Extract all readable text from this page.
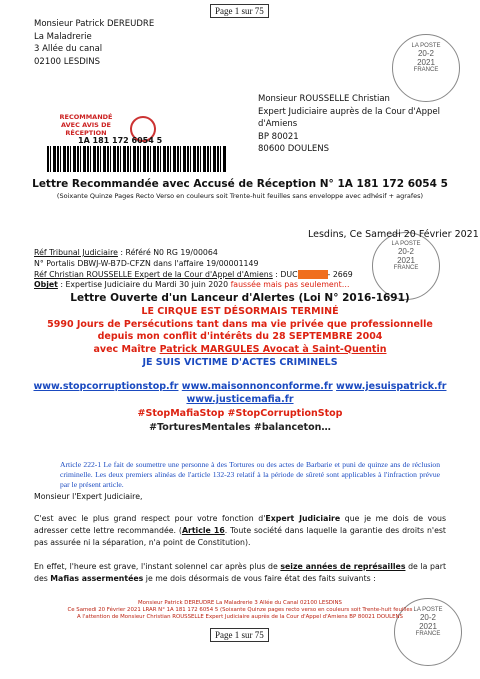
Page 1 sur 75
Monsieur Patrick DEREUDRE
La Maladrerie
3 Allée du canal
02100 LESDINS
LA POSTE
20-2
2021
FRANCE
LA POSTE
20-2
2021
FRANCE
LA POSTE
20-2
2021
FRANCE
Monsieur ROUSSELLE Christian
Expert Judiciaire auprès de la Cour d'Appel
d'Amiens
BP 80021
80600 DOULENS
RECOMMANDÉ
AVEC AVIS DE RÉCEPTION
1A 181 172 6054 5
Lettre Recommandée avec Accusé de Réception N° 1A 181 172 6054 5
(Soixante Quinze Pages Recto Verso en couleurs soit Trente-huit feuilles sans enveloppe avec adhésif + agrafes)
Lesdins, Ce Samedi 20 Février 2021
Réf Tribunal Judiciaire : Référé N0 RG 19/00064
N° Portalis DBWJ-W-B7D-CFZN dans l'affaire 19/00001149
Réf Christian ROUSSELLE Expert de la Cour d'Appel d'Amiens : DUC	- 2669
Objet : Expertise Judiciaire du Mardi 30 juin 2020 faussée mais pas seulement…
Lettre Ouverte d'un Lanceur d'Alertes (Loi N° 2016-1691)
LE CIRQUE EST DÉSORMAIS TERMINÉ
5990 Jours de Persécutions tant dans ma vie privée que professionnelle
depuis mon conflit d'intérêts du 28 SEPTEMBRE 2004
avec Maître Patrick MARGULES Avocat à Saint-Quentin
JE SUIS VICTIME D'ACTES CRIMINELS
www.stopcorruptionstop.fr www.maisonnonconforme.fr www.jesuispatrick.fr
www.justicemafia.fr
#StopMafiaStop #StopCorruptionStop
#TorturesMentales #balanceton…
Article 222-1 Le fait de soumettre une personne à des Tortures ou des actes de Barbarie et puni de quinze ans de réclusion criminelle. Les deux premiers alinéas de l'article 132-23 relatif à la période de sûreté sont applicables à l'infraction prévue par le présent article.
Monsieur l'Expert Judiciaire,
C'est avec le plus grand respect pour votre fonction d'Expert Judiciaire que je me dois de vous adresser cette lettre recommandée. (Article 16. Toute société dans laquelle la garantie des droits n'est pas assurée ni la séparation, n'a point de Constitution).
En effet, l'heure est grave, l'instant solennel car après plus de seize années de représailles de la part des Mafias assermentées je me dois désormais de vous faire état des faits suivants :
Monsieur Patrick DEREUDRE La Maladrerie 3 Allée du Canal 02100 LESDINS
Ce Samedi 20 Février 2021 LRAR N° 1A 181 172 6054 5 (Soixante Quinze pages recto verso en couleurs soit Trente-huit feuilles
A l'attention de Monsieur Christian ROUSSELLE Expert Judiciaire auprès de la Cour d'Appel d'Amiens BP 80021 DOULENS
Page 1 sur 75
